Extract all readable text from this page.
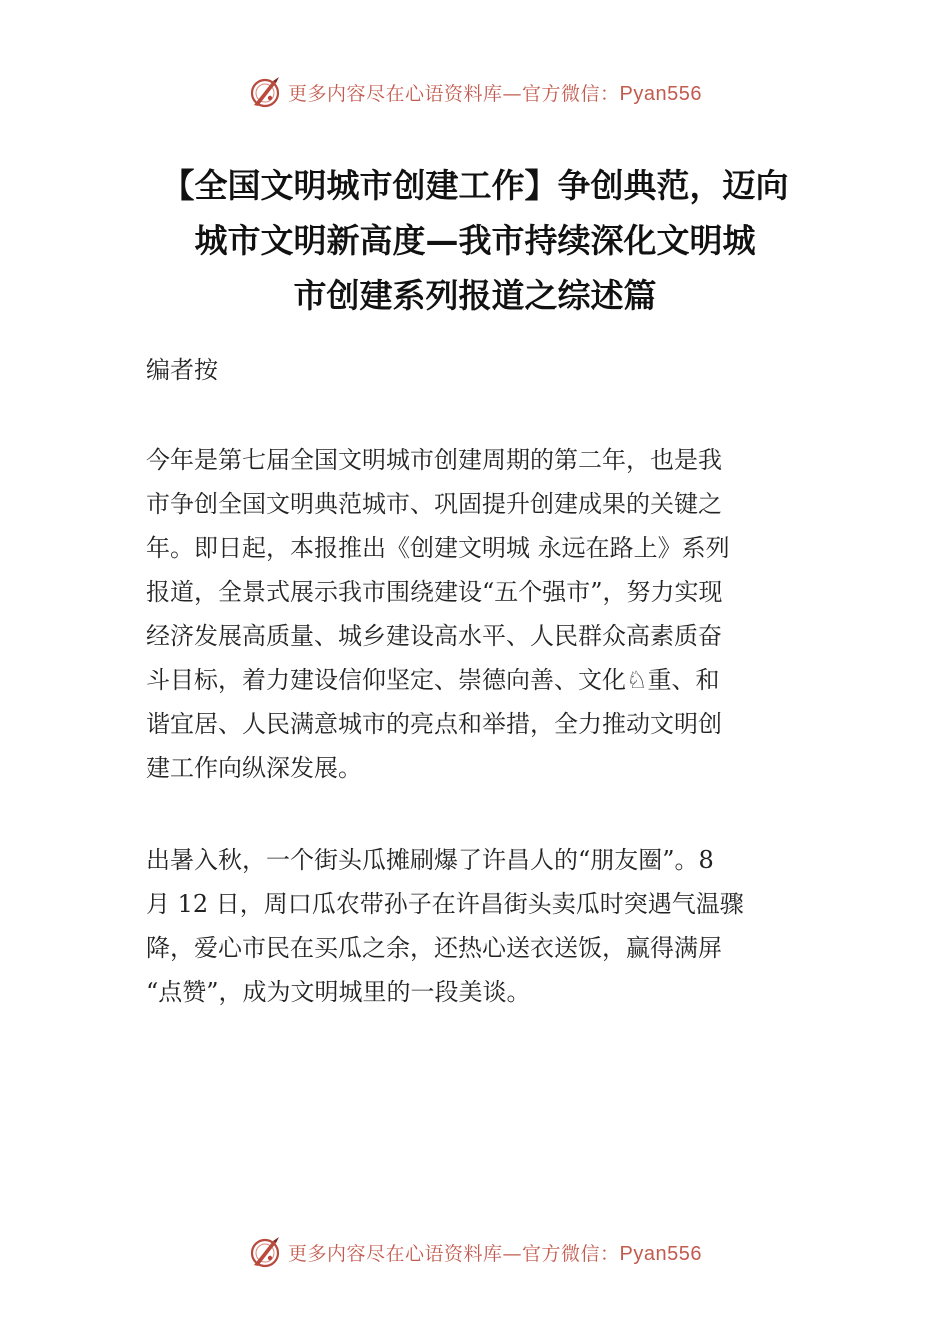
更多内容尽在心语资料库—官方微信：Pyan556
【全国文明城市创建工作】争创典范，迈向
城市文明新高度—我市持续深化文明城
市创建系列报道之综述篇
编者按
今年是第七届全国文明城市创建周期的第二年，也是我
市争创全国文明典范城市、巩固提升创建成果的关键之
年。即日起，本报推出《创建文明城 永远在路上》系列
报道，全景式展示我市围绕建设“五个强市”，努力实现
经济发展高质量、城乡建设高水平、人民群众高素质奋
斗目标，着力建设信仰坚定、崇德向善、文化♘重、和
谐宜居、人民满意城市的亮点和举措，全力推动文明创
建工作向纵深发展。
出暑入秋，一个街头瓜摊刷爆了许昌人的“朋友圈”。8
月 12 日，周口瓜农带孙子在许昌街头卖瓜时突遇气温骤
降，爱心市民在买瓜之余，还热心送衣送饭，赢得满屏
“点赞”，成为文明城里的一段美谈。
更多内容尽在心语资料库—官方微信：Pyan556
